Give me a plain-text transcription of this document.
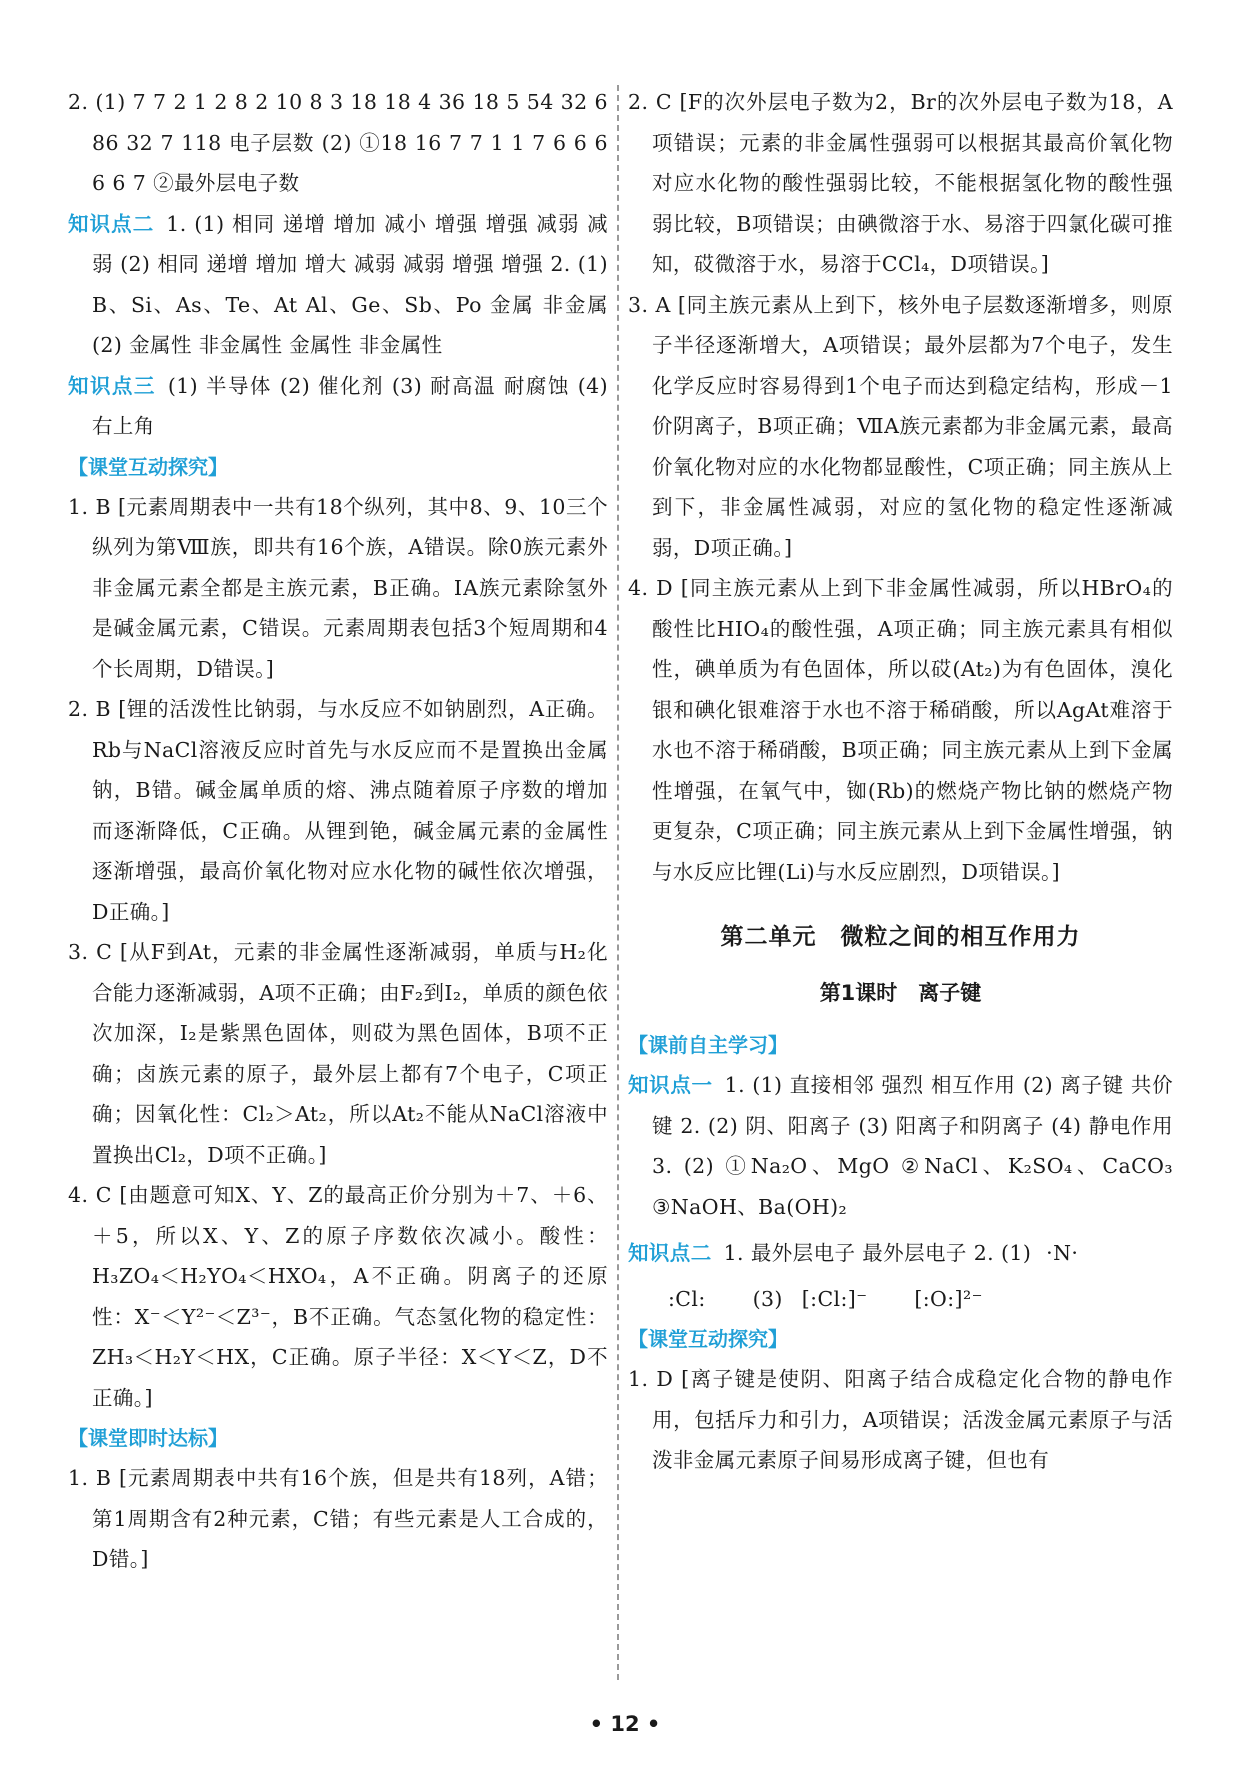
2. (1) 7 7 2 1 2 8 2 10 8 3 18 18 4 36 18 5 54 32 6 86 32 7 118 电子层数 (2) ①18 16 7 7 1 1 7 6 6 6 6 6 7 ②最外层电子数

知识点二 1. (1) 相同 递增 增加 减小 增强 增强 减弱 减弱 (2) 相同 递增 增加 增大 减弱 减弱 增强 增强 2. (1) B、Si、As、Te、At Al、Ge、Sb、Po 金属 非金属 (2) 金属性 非金属性 金属性 非金属性

知识点三 (1) 半导体 (2) 催化剂 (3) 耐高温 耐腐蚀 (4) 右上角

【课堂互动探究】

1. B [元素周期表中一共有18个纵列，其中8、9、10三个纵列为第Ⅷ族，即共有16个族，A错误。除0族元素外非金属元素全都是主族元素，B正确。ⅠA族元素除氢外是碱金属元素，C错误。元素周期表包括3个短周期和4个长周期，D错误。]

2. B [锂的活泼性比钠弱，与水反应不如钠剧烈，A正确。Rb与NaCl溶液反应时首先与水反应而不是置换出金属钠，B错。碱金属单质的熔、沸点随着原子序数的增加而逐渐降低，C正确。从锂到铯，碱金属元素的金属性逐渐增强，最高价氧化物对应水化物的碱性依次增强，D正确。]

3. C [从F到At，元素的非金属性逐渐减弱，单质与H₂化合能力逐渐减弱，A项不正确；由F₂到I₂，单质的颜色依次加深，I₂是紫黑色固体，则砹为黑色固体，B项不正确；卤族元素的原子，最外层上都有7个电子，C项正确；因氧化性：Cl₂＞At₂，所以At₂不能从NaCl溶液中置换出Cl₂，D项不正确。]

4. C [由题意可知X、Y、Z的最高正价分别为＋7、＋6、＋5，所以X、Y、Z的原子序数依次减小。酸性：H₃ZO₄＜H₂YO₄＜HXO₄，A不正确。阴离子的还原性：X⁻＜Y²⁻＜Z³⁻，B不正确。气态氢化物的稳定性：ZH₃＜H₂Y＜HX，C正确。原子半径：X＜Y＜Z，D不正确。]

【课堂即时达标】

1. B [元素周期表中共有16个族，但是共有18列，A错；第1周期含有2种元素，C错；有些元素是人工合成的，D错。]

2. C [F的次外层电子数为2，Br的次外层电子数为18，A项错误；元素的非金属性强弱可以根据其最高价氧化物对应水化物的酸性强弱比较，不能根据氢化物的酸性强弱比较，B项错误；由碘微溶于水、易溶于四氯化碳可推知，砹微溶于水，易溶于CCl₄，D项错误。]

3. A [同主族元素从上到下，核外电子层数逐渐增多，则原子半径逐渐增大，A项错误；最外层都为7个电子，发生化学反应时容易得到1个电子而达到稳定结构，形成－1价阴离子，B项正确；ⅦA族元素都为非金属元素，最高价氧化物对应的水化物都显酸性，C项正确；同主族从上到下，非金属性减弱，对应的氢化物的稳定性逐渐减弱，D项正确。]

4. D [同主族元素从上到下非金属性减弱，所以HBrO₄的酸性比HIO₄的酸性强，A项正确；同主族元素具有相似性，碘单质为有色固体，所以砹(At₂)为有色固体，溴化银和碘化银难溶于水也不溶于稀硝酸，所以AgAt难溶于水也不溶于稀硝酸，B项正确；同主族元素从上到下金属性增强，在氧气中，铷(Rb)的燃烧产物比钠的燃烧产物更复杂，C项正确；同主族元素从上到下金属性增强，钠与水反应比锂(Li)与水反应剧烈，D项错误。]

第二单元　微粒之间的相互作用力
第1课时　离子键

【课前自主学习】

知识点一 1. (1) 直接相邻 强烈 相互作用 (2) 离子键 共价键 2. (2) 阴、阳离子 (3) 阳离子和阴离子 (4) 静电作用 3. (2) ①Na₂O、MgO ②NaCl、K₂SO₄、CaCO₃ ③NaOH、Ba(OH)₂

知识点二 1. 最外层电子 最外层电子 2. (1) ·N·

:Cl: (3) [:Cl:]⁻ [:O:]²⁻

【课堂互动探究】

1. D [离子键是使阴、阳离子结合成稳定化合物的静电作用，包括斥力和引力，A项错误；活泼金属元素原子与活泼非金属元素原子间易形成离子键，但也有

• 12 •
